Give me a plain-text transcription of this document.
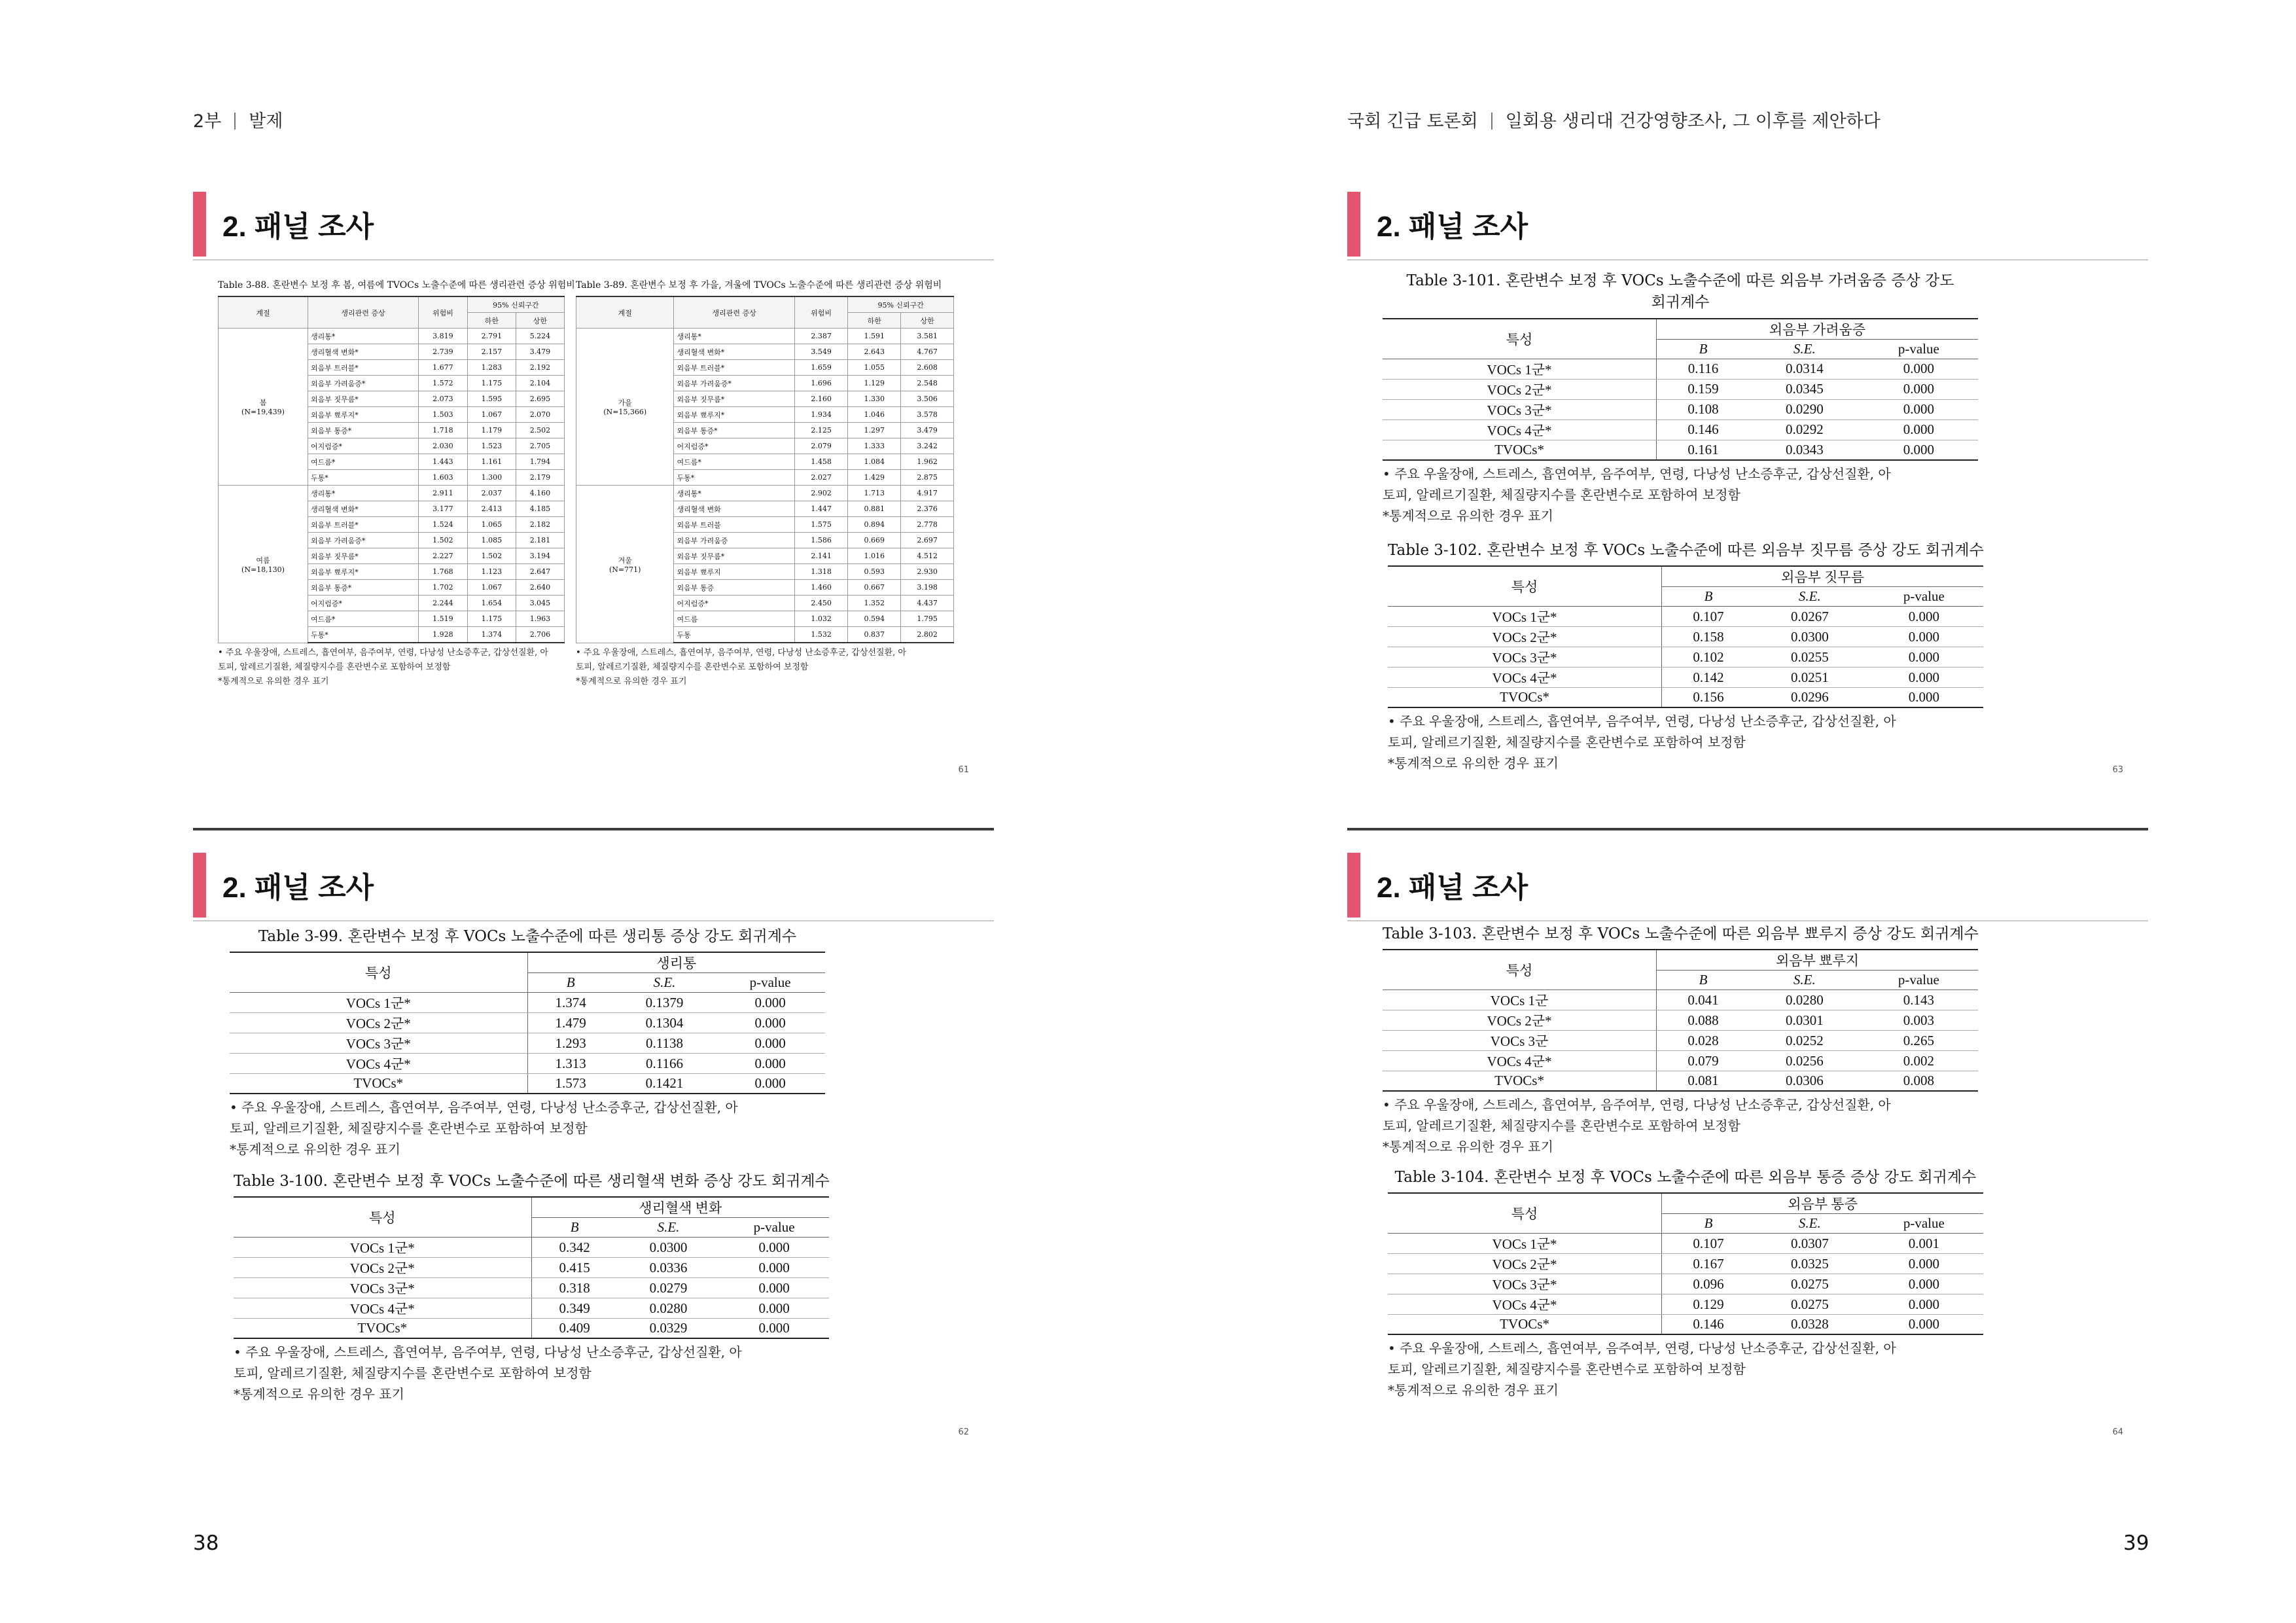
2부 발제	국회 긴급 토론회 일회용 생리대 건강영향조사, 그 이후를 제안하다
2. 패널 조사
Table 3-88. 혼란변수 보정 후 봄, 여름에 TVOCs 노출수준에 따른 생리관련 증상 위험비
계절	생리관련 증상	위험비	95% 신뢰구간	
			하한	상한
봄
(N=19,439)	생리통*	3.819	2.791	5.224
	생리혈색 변화*	2.739	2.157	3.479
	외음부 트러블*	1.677	1.283	2.192
	외음부 가려움증*	1.572	1.175	2.104
	외음부 짓무름*	2.073	1.595	2.695
	외음부 뾰루지*	1.503	1.067	2.070
	외음부 통증*	1.718	1.179	2.502
	어지럼증*	2.030	1.523	2.705
	여드름*	1.443	1.161	1.794
	두통*	1.603	1.300	2.179
여름
(N=18,130)	생리통*	2.911	2.037	4.160
	생리혈색 변화*	3.177	2.413	4.185
	외음부 트러블*	1.524	1.065	2.182
	외음부 가려움증*	1.502	1.085	2.181
	외음부 짓무름*	2.227	1.502	3.194
	외음부 뾰루지*	1.768	1.123	2.647
	외음부 통증*	1.702	1.067	2.640
	어지럼증*	2.244	1.654	3.045
	여드름*	1.519	1.175	1.963
	두통*	1.928	1.374	2.706
• 주요 우울장애, 스트레스, 흡연여부, 음주여부, 연령, 다낭성 난소증후군, 갑상선질환, 아
토피, 알레르기질환, 체질량지수를 혼란변수로 포함하여 보정함
*통계적으로 유의한 경우 표기
Table 3-89. 혼란변수 보정 후 가을, 겨울에 TVOCs 노출수준에 따른 생리관련 증상 위험비
계절	생리관련 증상	위험비	95% 신뢰구간	
			하한	상한
가을
(N=15,366)	생리통*	2.387	1.591	3.581
	생리혈색 변화*	3.549	2.643	4.767
	외음부 트러블*	1.659	1.055	2.608
	외음부 가려움증*	1.696	1.129	2.548
	외음부 짓무름*	2.160	1.330	3.506
	외음부 뾰루지*	1.934	1.046	3.578
	외음부 통증*	2.125	1.297	3.479
	어지럼증*	2.079	1.333	3.242
	여드름*	1.458	1.084	1.962
	두통*	2.027	1.429	2.875
겨울
(N=771)	생리통*	2.902	1.713	4.917
	생리혈색 변화	1.447	0.881	2.376
	외음부 트러블	1.575	0.894	2.778
	외음부 가려움증	1.586	0.669	2.697
	외음부 짓무름*	2.141	1.016	4.512
	외음부 뾰루지	1.318	0.593	2.930
	외음부 통증	1.460	0.667	3.198
	어지럼증*	2.450	1.352	4.437
	여드름	1.032	0.594	1.795
	두통	1.532	0.837	2.802
• 주요 우울장애, 스트레스, 흡연여부, 음주여부, 연령, 다낭성 난소증후군, 갑상선질환, 아
토피, 알레르기질환, 체질량지수를 혼란변수로 포함하여 보정함
*통계적으로 유의한 경우 표기
61
2. 패널 조사
Table 3-101. 혼란변수 보정 후 VOCs 노출수준에 따른 외음부 가려움증 증상 강도
회귀계수
특성	외음부 가려움증		
	B	S.E.	p-value
VOCs 1군*	0.116	0.0314	0.000
VOCs 2군*	0.159	0.0345	0.000
VOCs 3군*	0.108	0.0290	0.000
VOCs 4군*	0.146	0.0292	0.000
TVOCs*	0.161	0.0343	0.000
• 주요 우울장애, 스트레스, 흡연여부, 음주여부, 연령, 다낭성 난소증후군, 갑상선질환, 아
토피, 알레르기질환, 체질량지수를 혼란변수로 포함하여 보정함
*통계적으로 유의한 경우 표기
Table 3-102. 혼란변수 보정 후 VOCs 노출수준에 따른 외음부 짓무름 증상 강도 회귀계수
특성	외음부 짓무름		
	B	S.E.	p-value
VOCs 1군*	0.107	0.0267	0.000
VOCs 2군*	0.158	0.0300	0.000
VOCs 3군*	0.102	0.0255	0.000
VOCs 4군*	0.142	0.0251	0.000
TVOCs*	0.156	0.0296	0.000
• 주요 우울장애, 스트레스, 흡연여부, 음주여부, 연령, 다낭성 난소증후군, 갑상선질환, 아
토피, 알레르기질환, 체질량지수를 혼란변수로 포함하여 보정함
*통계적으로 유의한 경우 표기	63
2. 패널 조사
Table 3-99. 혼란변수 보정 후 VOCs 노출수준에 따른 생리통 증상 강도 회귀계수
특성	생리통		
	B	S.E.	p-value
VOCs 1군*	1.374	0.1379	0.000
VOCs 2군*	1.479	0.1304	0.000
VOCs 3군*	1.293	0.1138	0.000
VOCs 4군*	1.313	0.1166	0.000
TVOCs*	1.573	0.1421	0.000
• 주요 우울장애, 스트레스, 흡연여부, 음주여부, 연령, 다낭성 난소증후군, 갑상선질환, 아
토피, 알레르기질환, 체질량지수를 혼란변수로 포함하여 보정함
*통계적으로 유의한 경우 표기
Table 3-100. 혼란변수 보정 후 VOCs 노출수준에 따른 생리혈색 변화 증상 강도 회귀계수
특성	생리혈색 변화		
	B	S.E.	p-value
VOCs 1군*	0.342	0.0300	0.000
VOCs 2군*	0.415	0.0336	0.000
VOCs 3군*	0.318	0.0279	0.000
VOCs 4군*	0.349	0.0280	0.000
TVOCs*	0.409	0.0329	0.000
• 주요 우울장애, 스트레스, 흡연여부, 음주여부, 연령, 다낭성 난소증후군, 갑상선질환, 아
토피, 알레르기질환, 체질량지수를 혼란변수로 포함하여 보정함
*통계적으로 유의한 경우 표기
62
2. 패널 조사
Table 3-103. 혼란변수 보정 후 VOCs 노출수준에 따른 외음부 뾰루지 증상 강도 회귀계수
특성	외음부 뾰루지		
	B	S.E.	p-value
VOCs 1군	0.041	0.0280	0.143
VOCs 2군*	0.088	0.0301	0.003
VOCs 3군	0.028	0.0252	0.265
VOCs 4군*	0.079	0.0256	0.002
TVOCs*	0.081	0.0306	0.008
• 주요 우울장애, 스트레스, 흡연여부, 음주여부, 연령, 다낭성 난소증후군, 갑상선질환, 아
토피, 알레르기질환, 체질량지수를 혼란변수로 포함하여 보정함
*통계적으로 유의한 경우 표기
Table 3-104. 혼란변수 보정 후 VOCs 노출수준에 따른 외음부 통증 증상 강도 회귀계수
특성	외음부 통증		
	B	S.E.	p-value
VOCs 1군*	0.107	0.0307	0.001
VOCs 2군*	0.167	0.0325	0.000
VOCs 3군*	0.096	0.0275	0.000
VOCs 4군*	0.129	0.0275	0.000
TVOCs*	0.146	0.0328	0.000
• 주요 우울장애, 스트레스, 흡연여부, 음주여부, 연령, 다낭성 난소증후군, 갑상선질환, 아
토피, 알레르기질환, 체질량지수를 혼란변수로 포함하여 보정함
*통계적으로 유의한 경우 표기
64
38	39
